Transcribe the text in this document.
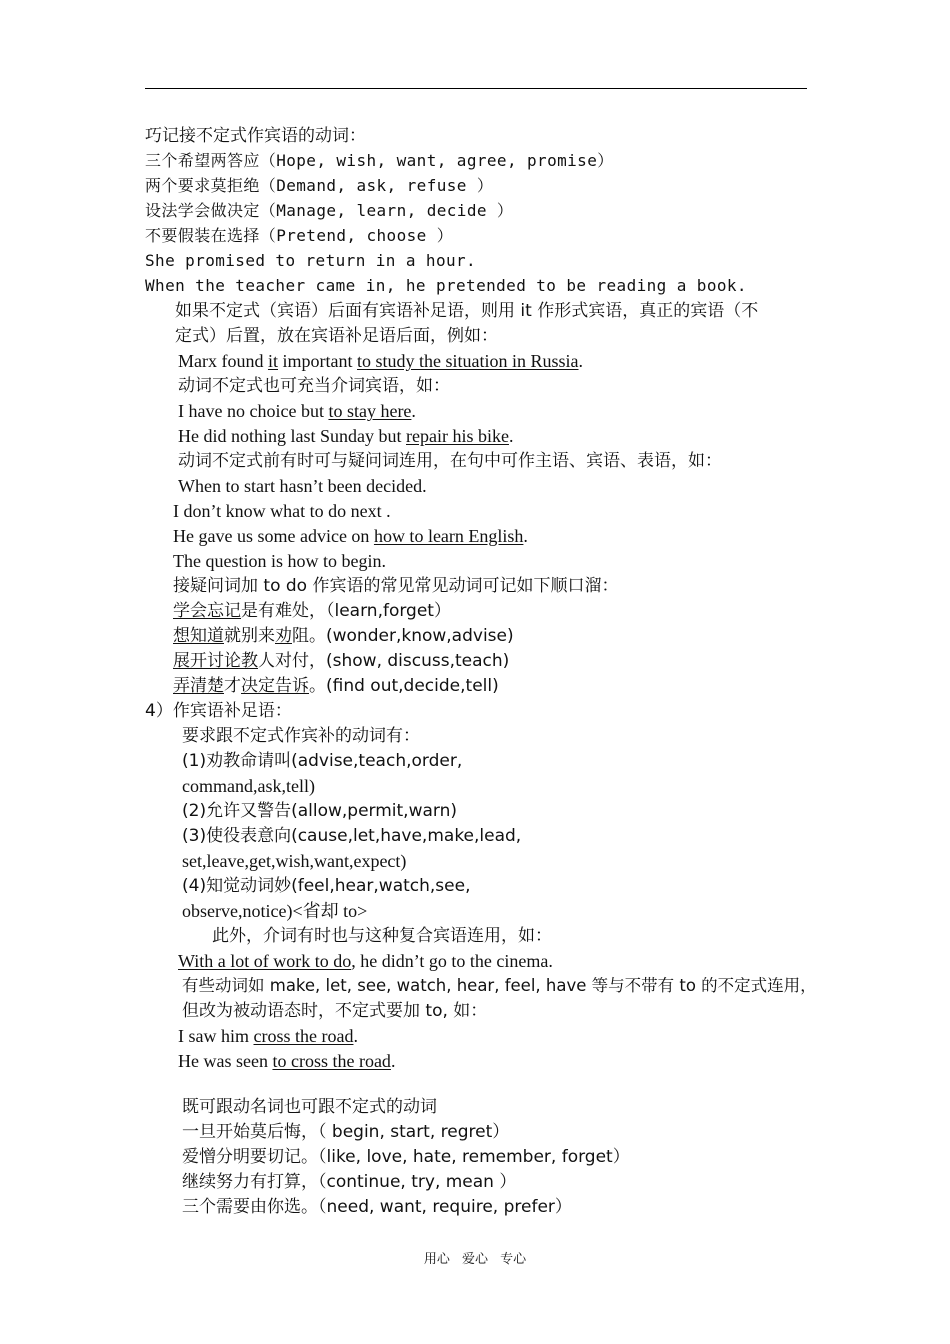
巧记接不定式作宾语的动词：
三个希望两答应（Hope, wish, want, agree, promise）
两个要求莫拒绝（Demand, ask, refuse ）
设法学会做决定（Manage, learn, decide ）
不要假装在选择（Pretend, choose ）
She promised to return in a hour.
When the teacher came in, he pretended to be reading a book.
如果不定式（宾语）后面有宾语补足语，则用 it 作形式宾语，真正的宾语（不
定式）后置，放在宾语补足语后面，例如：
Marx found it important to study the situation in Russia.
动词不定式也可充当介词宾语，如：
I have no choice but to stay here.
He did nothing last Sunday but repair his bike.
动词不定式前有时可与疑问词连用，在句中可作主语、宾语、表语，如：
When to start hasn’t been decided.
I don’t know what to do next .
He gave us some advice on how to learn English.
The question is how to begin.
接疑问词加 to do 作宾语的常见常见动词可记如下顺口溜：
学会忘记是有难处，（learn,forget）
想知道就别来劝阻。(wonder,know,advise)
展开讨论教人对付，(show, discuss,teach)
弄清楚才决定告诉。(find out,decide,tell)
4）作宾语补足语：
要求跟不定式作宾补的动词有：
(1)劝教命请叫(advise,teach,order,
command,ask,tell)
(2)允许又警告(allow,permit,warn)
(3)使役表意向(cause,let,have,make,lead,
set,leave,get,wish,want,expect)
(4)知觉动词妙(feel,hear,watch,see,
observe,notice)<省却 to>
此外，介词有时也与这种复合宾语连用，如：
With a lot of work to do, he didn’t go to the cinema.
有些动词如 make, let, see, watch, hear, feel, have 等与不带有 to 的不定式连用，
但改为被动语态时，不定式要加 to, 如：
I saw him cross the road.
He was seen to cross the road.
既可跟动名词也可跟不定式的动词
一旦开始莫后悔，（ begin, start, regret）
爱憎分明要切记。（like, love, hate, remember, forget）
继续努力有打算，（continue, try, mean ）
三个需要由你选。（need, want, require, prefer）
用心 爱心 专心
